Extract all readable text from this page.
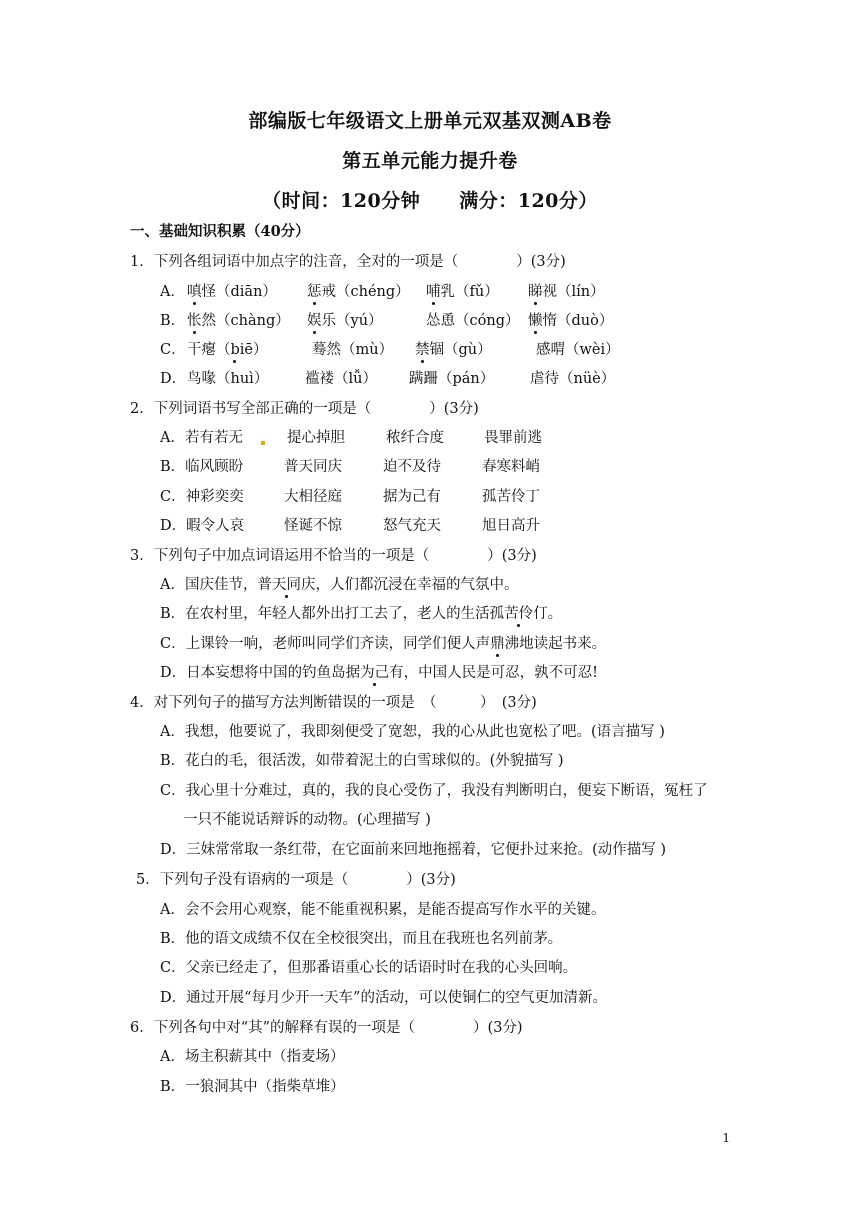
部编版七年级语文上册单元双基双测AB卷
第五单元能力提升卷
（时间：120分钟　　满分：120分）
一、基础知识积累（40分）
1．下列各组词语中加点字的注音，全对的一项是（　　　　）(3分)
A． 嗔怪（diān） 惩戒（chéng） 哺乳（fǔ） 睇视（lín）
B． 怅然（chàng） 娱乐（yú）	怂恿（cóng） 懒惰（duò）
C． 干瘪（biē）	蓦然（mù） 禁锢（gù）	感喟（wèi）
D． 鸟喙（huì）	褴褛（lǚ） 蹒跚（pán） 虐待（nüè）
2．下列词语书写全部正确的一项是（　　　　）(3分)
A．若有若无	提心掉胆	秾纤合度	畏罪前逃
B．临风顾盼	普天同庆	迫不及待	春寒料峭
C．神彩奕奕	大相径庭	据为己有	孤苦伶丁
D．暇令人哀	怪诞不惊	怒气充天	旭日高升
3．下列句子中加点词语运用不恰当的一项是（　　　　）(3分)
A．国庆佳节，普天同庆，人们都沉浸在幸福的气氛中。
B．在农村里，年轻人都外出打工去了，老人的生活孤苦伶仃。
C．上课铃一响，老师叫同学们齐读，同学们便人声鼎沸地读起书来。
D．日本妄想将中国的钓鱼岛据为己有，中国人民是可忍，孰不可忍!
4．对下列句子的描写方法判断错误的一项是　（　　　）　(3分)
A．我想，他要说了，我即刻便受了宽恕，我的心从此也宽松了吧。(语言描写 )
B．花白的毛，很活泼，如带着泥土的白雪球似的。(外貌描写 )
C．我心里十分难过，真的，我的良心受伤了，我没有判断明白，便妄下断语，冤枉了
一只不能说话辩诉的动物。(心理描写 )
D．三妹常常取一条红带，在它面前来回地拖摇着，它便扑过来抢。(动作描写 )
5．下列句子没有语病的一项是（　　　　）(3分)
A．会不会用心观察，能不能重视积累，是能否提高写作水平的关键。
B．他的语文成绩不仅在全校很突出，而且在我班也名列前茅。
C．父亲已经走了，但那番语重心长的话语时时在我的心头回响。
D．通过开展“每月少开一天车”的活动，可以使铜仁的空气更加清新。
6．下列各句中对“其”的解释有误的一项是（　　　　）(3分)
A．场主积薪其中（指麦场）
B．一狼洞其中（指柴草堆）
1
